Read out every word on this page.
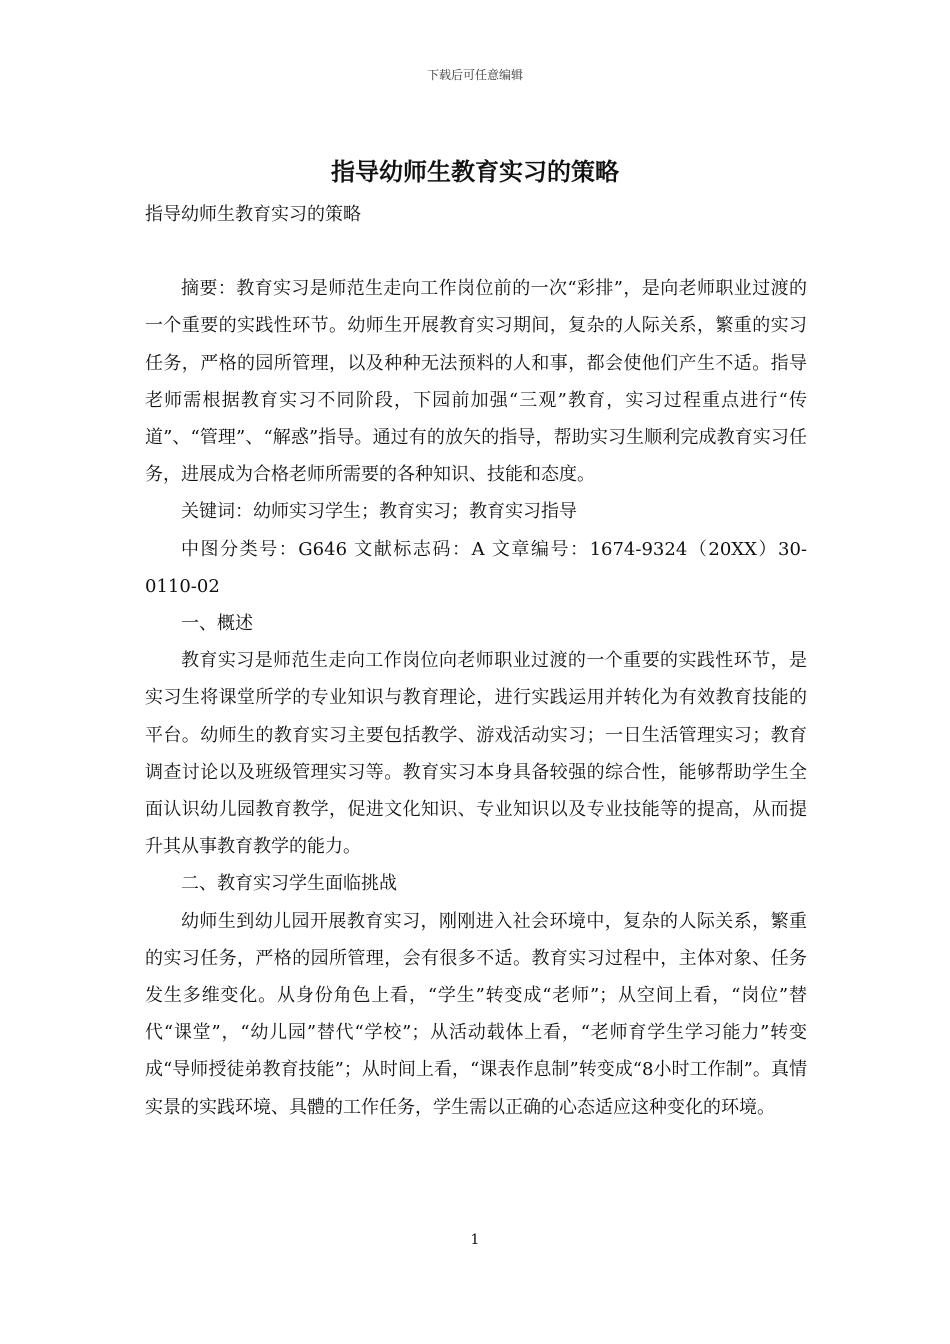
下载后可任意编辑
指导幼师生教育实习的策略

指导幼师生教育实习的策略

摘要：教育实习是师范生走向工作岗位前的一次“彩排”，是向老师职业过渡的一个重要的实践性环节。幼师生开展教育实习期间，复杂的人际关系，繁重的实习任务，严格的园所管理，以及种种无法预料的人和事，都会使他们产生不适。指导老师需根据教育实习不同阶段，下园前加强“三观”教育，实习过程重点进行“传道”、“管理”、“解惑”指导。通过有的放矢的指导，帮助实习生顺利完成教育实习任务，进展成为合格老师所需要的各种知识、技能和态度。

关键词：幼师实习学生；教育实习；教育实习指导

中图分类号：G646 文献标志码：A 文章编号：1674-9324（20XX）30-0110-02

一、概述

教育实习是师范生走向工作岗位向老师职业过渡的一个重要的实践性环节，是实习生将课堂所学的专业知识与教育理论，进行实践运用并转化为有效教育技能的平台。幼师生的教育实习主要包括教学、游戏活动实习；一日生活管理实习；教育调查讨论以及班级管理实习等。教育实习本身具备较强的综合性，能够帮助学生全面认识幼儿园教育教学，促进文化知识、专业知识以及专业技能等的提高，从而提升其从事教育教学的能力。

二、教育实习学生面临挑战

幼师生到幼儿园开展教育实习，刚刚进入社会环境中，复杂的人际关系，繁重的实习任务，严格的园所管理，会有很多不适。教育实习过程中，主体对象、任务发生多维变化。从身份角色上看，“学生”转变成“老师”；从空间上看，“岗位”替代“课堂”，“幼儿园”替代“学校”；从活动载体上看，“老师育学生学习能力”转变成“导师授徒弟教育技能”；从时间上看，“课表作息制”转变成“8小时工作制”。真情实景的实践环境、具體的工作任务，学生需以正确的心态适应这种变化的环境。

1
